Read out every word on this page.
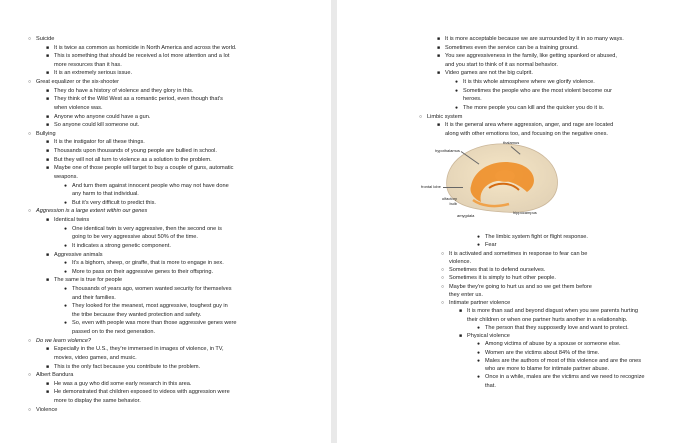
○ Suicide
■ It is twice as common as homicide in North America and across the world.
■ This is something that should be received a lot more attention and a lot
more resources than it has.
■ It is an extremely serious issue.
○ Great equalizer or the six-shooter
■ They do have a history of violence and they glory in this.
■ They think of the Wild West as a romantic period, even though that's
when violence was.
■ Anyone who anyone could have a gun.
■ So anyone could kill someone out.
○ Bullying
■ It is the instigator for all these things.
■ Thousands upon thousands of young people are bullied in school.
■ But they will not all turn to violence as a solution to the problem.
■ Maybe one of those people will target to buy a couple of guns, automatic
weapons.
● And turn them against innocent people who may not have done
any harm to that individual.
● But it's very difficult to predict this.
○ Aggression is a large extent within our genes
■ Identical twins
● One identical twin is very aggressive, then the second one is
going to be very aggressive about 50% of the time.
● It indicates a strong genetic component.
■ Aggressive animals
● It's a bighorn, sheep, or giraffe, that is more to engage in sex.
● More to pass on their aggressive genes to their offspring.
■ The same is true for people
● Thousands of years ago, women wanted security for themselves
and their families.
● They looked for the meanest, most aggressive, toughest guy in
the tribe because they wanted protection and safety.
● So, even with people was more than those aggressive genes were
passed on to the next generation.
○ Do we learn violence?
■ Especially in the U.S., they're immersed in images of violence, in TV,
movies, video games, and music.
■ This is the only fact because you contribute to the problem.
○ Albert Bandura
■ He was a guy who did some early research in this area.
■ He demonstrated that children exposed to videos with aggression were
more to display the same behavior.
○ Violence
thalamus
hypothalamus
frontal lobe
olfactory bulb
amygdala
hippocampus
■ It is more acceptable because we are surrounded by it in so many ways.
■ Sometimes even the service can be a training ground.
■ You see aggressiveness in the family, like getting spanked or abused,
and you start to think of it as normal behavior.
■ Video games are not the big culprit.
● It is this whole atmosphere where we glorify violence.
● Sometimes the people who are the most violent become our
heroes.
● The more people you can kill and the quicker you do it is.
○ Limbic system
■ It is the general area where aggression, anger, and rage are located
along with other emotions too, and focusing on the negative ones.
● The limbic system fight or flight response.
● Fear
○ It is activated and sometimes in response to fear can be
violence.
○ Sometimes that is to defend ourselves.
○ Sometimes it is simply to hurt other people.
○ Maybe they're going to hurt us and so we get them before
they enter us.
○ Intimate partner violence
■ It is more than sad and beyond disgust when you see parents hurting
their children or when one partner hurts another in a relationship.
● The person that they supposedly love and want to protect.
■ Physical violence
● Among victims of abuse by a spouse or someone else.
● Women are the victims about 84% of the time.
● Males are the authors of most of this violence and are the ones
who are more to blame for intimate partner abuse.
● Once in a while, males are the victims and we need to recognize
that.
